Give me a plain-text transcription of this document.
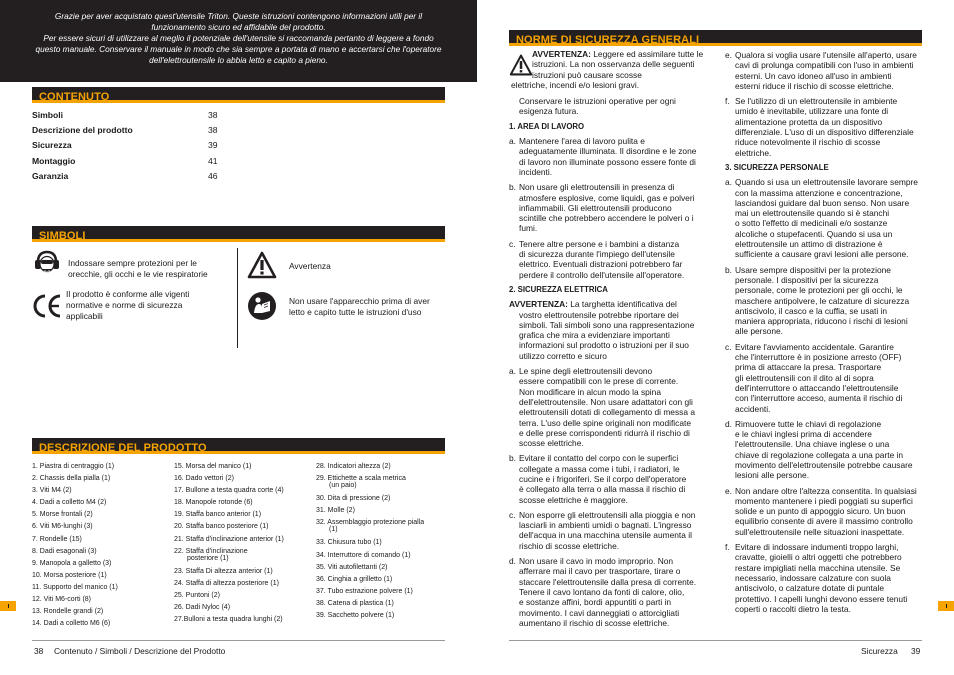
Grazie per aver acquistato quest'utensile Triton. Queste istruzioni contengono informazioni utili per il

funzionamento sicuro ed affidabile del prodotto.

Per essere sicuri di utilizzare al meglio il potenziale dell'utensile si raccomanda pertanto di leggere a fondo

questo manuale. Conservare il manuale in modo che sia sempre a portata di mano e accertarsi che l'operatore

dell'elettroutensile lo abbia letto e capito a pieno.

CONTENUTO
Simboli	38
Descrizione del prodotto	38
Sicurezza	39
Montaggio	41
Garanzia	46
SIMBOLI
Indossare sempre protezioni per le
orecchie, gli occhi e le vie respiratorie
Il prodotto è conforme alle vigenti
normative e norme di sicurezza
applicabili
Avvertenza
Non usare l'apparecchio prima di aver
letto e capito tutte le istruzioni d'uso
DESCRIZIONE DEL PRODOTTO
1. Piastra di centraggio (1)
2. Chassis della pialla (1)
3. Viti M4 (2)
4. Dadi a colletto M4 (2)
5. Morse frontali (2)
6. Viti M6-lunghi (3)
7. Rondelle (15)
8. Dadi esagonali (3)
9. Manopola a galletto (3)
10. Morsa posteriore (1)
11. Supporto del manico (1)
12. Viti M6-corti (8)
13. Rondelle grandi (2)
14. Dadi a colletto M6 (6)
15. Morsa del manico (1)
16. Dado vettori (2)
17. Bullone a testa quadra corte (4)
18. Manopole rotonde (6)
19. Staffa banco anterior (1)
20. Staffa banco posteriore (1)
21. Staffa d'inclinazione anterior (1)
22. Staffa d'inclinazione
posteriore (1)
23. Staffa Di altezza anterior (1)
24. Staffa di altezza posteriore (1)
25. Puntoni (2)
26. Dadi Nyloc (4)
27.Bulloni a testa quadra lunghi (2)
28. Indicatori altezza (2)
29. Ettichette a scala metrica
(un paio)
30. Dita di pressione (2)
31. Molle (2)
32. Assemblaggio protezione pialla
(1)
33. Chiusura tubo (1)
34. Interruttore di comando (1)
35. Viti autofilettanti (2)
36. Cinghia a grilletto (1)
37. Tubo estrazione polvere (1)
38. Catena di plastica (1)
39. Sacchetto polvere (1)
38 Contenuto / Simboli / Descrizione del Prodotto
NORME DI SICUREZZA GENERALI

AVVERTENZA: Leggere ed assimilare tutte le

istruzioni. La non osservanza delle seguenti

istruzioni può causare scosse

elettriche, incendi e/o lesioni gravi.

Conservare le istruzioni operative per ogni

esigenza futura.

1. AREA DI LAVORO

a. Mantenere l'area di lavoro pulita e
adeguatamente illuminata. Il disordine e le zone
di lavoro non illuminate possono essere fonte di
incidenti.
b. Non usare gli elettroutensili in presenza di
atmosfere esplosive, come liquidi, gas e polveri
infiammabili. Gli elettroutensili producono
scintille che potrebbero accendere le polveri o i
fumi.
c. Tenere altre persone e i bambini a distanza
di sicurezza durante l'impiego dell'utensile
elettrico. Eventuali distrazioni potrebbero far
perdere il controllo dell'utensile all'operatore.

2. SICUREZZA ELETTRICA

AVVERTENZA: La targhetta identificativa del

vostro elettroutensile potrebbe riportare dei

simboli. Tali simboli sono una rappresentazione

grafica che mira a evidenziare importanti

informazioni sul prodotto o istruzioni per il suo

utilizzo corretto e sicuro

a. Le spine degli elettroutensili devono
essere compatibili con le prese di corrente.
Non modificare in alcun modo la spina
dell'elettroutensile. Non usare adattatori con gli
elettroutensili dotati di collegamento di messa a
terra. L'uso delle spine originali non modificate
e delle prese corrispondenti ridurrà il rischio di
scosse elettriche.
b. Evitare il contatto del corpo con le superfici
collegate a massa come i tubi, i radiatori, le
cucine e i frigoriferi. Se il corpo dell'operatore
è collegato alla terra o alla massa il rischio di
scosse elettriche è maggiore.
c. Non esporre gli elettroutensili alla pioggia e non
lasciarli in ambienti umidi o bagnati. L'ingresso
dell'acqua in una macchina utensile aumenta il
rischio di scosse elettriche.
d. Non usare il cavo in modo improprio. Non
afferrare mai il cavo per trasportare, tirare o
staccare l'elettroutensile dalla presa di corrente.
Tenere il cavo lontano da fonti di calore, olio,
e sostanze affini, bordi appuntiti o parti in
movimento. I cavi danneggiati o attorcigliati
aumentano il rischio di scosse elettriche.
e. Qualora si voglia usare l'utensile all'aperto, usare
cavi di prolunga compatibili con l'uso in ambienti
esterni. Un cavo idoneo all'uso in ambienti
esterni riduce il rischio di scosse elettriche.
f. Se l'utilizzo di un elettroutensile in ambiente
umido è inevitabile, utilizzare una fonte di
alimentazione protetta da un dispositivo
differenziale. L'uso di un dispositivo differenziale
riduce notevolmente il rischio di scosse
elettriche.

3. SICUREZZA PERSONALE

a. Quando si usa un elettroutensile lavorare sempre
con la massima attenzione e concentrazione,
lasciandosi guidare dal buon senso. Non usare
mai un elettroutensile quando si è stanchi
o sotto l'effetto di medicinali e/o sostanze
alcoliche o stupefacenti. Quando si usa un
elettroutensile un attimo di distrazione è
sufficiente a causare gravi lesioni alle persone.
b. Usare sempre dispositivi per la protezione
personale. I dispositivi per la sicurezza
personale, come le protezioni per gli occhi, le
maschere antipolvere, le calzature di sicurezza
antiscivolo, il casco e la cuffia, se usati in
maniera appropriata, riducono i rischi di lesioni
alle persone.
c. Evitare l'avviamento accidentale. Garantire
che l'interruttore è in posizione arresto (OFF)
prima di attaccare la presa. Trasportare
gli elettroutensili con il dito al di sopra
dell'interruttore o attaccando l'elettroutensile
con l'interruttore acceso, aumenta il rischio di
accidenti.
d. Rimuovere tutte le chiavi di regolazione
e le chiavi inglesi prima di accendere
l'elettroutensile. Una chiave inglese o una
chiave di regolazione collegata a una parte in
movimento dell'elettroutensile potrebbe causare
lesioni alle persone.
e. Non andare oltre l'altezza consentita. In qualsiasi
momento mantenere i piedi poggiati su superfici
solide e un punto di appoggio sicuro. Un buon
equilibrio consente di avere il massimo controllo
sull'elettroutensile nelle situazioni inaspettate.
f. Evitare di indossare indumenti troppo larghi,
cravatte, gioielli o altri oggetti che potrebbero
restare impigliati nella macchina utensile. Se
necessario, indossare calzature con suola
antiscivolo, o calzature dotate di puntale
protettivo. I capelli lunghi devono essere tenuti
coperti o raccolti dietro la testa.
Sicurezza 39
